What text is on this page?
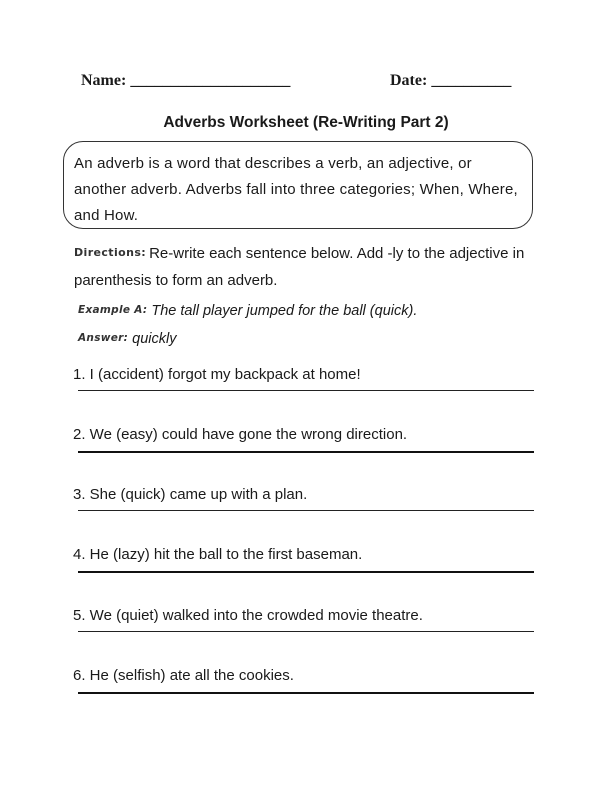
Name: ____________________	Date: __________
Adverbs Worksheet (Re-Writing Part 2)
An adverb is a word that describes a verb, an adjective, or another adverb. Adverbs fall into three categories; When, Where, and How.
Directions: Re-write each sentence below. Add -ly to the adjective in parenthesis to form an adverb.
Example A: The tall player jumped for the ball (quick).
Answer: quickly
1. I (accident) forgot my backpack at home!
2. We (easy) could have gone the wrong direction.
3. She (quick) came up with a plan.
4. He (lazy) hit the ball to the first baseman.
5. We (quiet) walked into the crowded movie theatre.
6. He (selfish) ate all the cookies.
